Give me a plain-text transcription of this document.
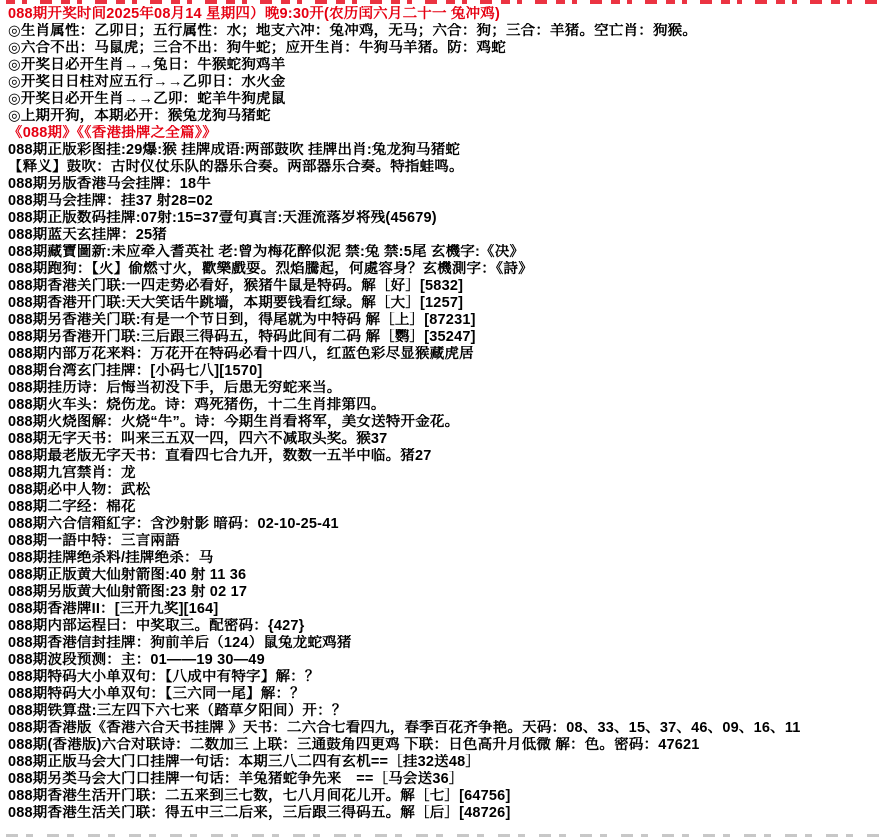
088期开奖时间2025年08月14 星期四）晚9:30开(农历闰六月二十一 兔冲鸡)
◎生肖属性：乙卯日；五行属性：水；地支六冲：兔冲鸡，无马；六合：狗；三合：羊猪。空亡肖：狗猴。
◎六合不出：马鼠虎；三合不出：狗牛蛇；应开生肖：牛狗马羊猪。防：鸡蛇
◎开奖日必开生肖→→兔日：牛猴蛇狗鸡羊
◎开奖日日柱对应五行→→乙卯日：水火金
◎开奖日必开生肖→→乙卯：蛇羊牛狗虎鼠
◎上期开狗，本期必开：猴兔龙狗马猪蛇
《088期》《《香港掛牌之全篇》》
088期正版彩图挂:29爆:猴 挂牌成语:两部鼓吹 挂牌出肖:兔龙狗马猪蛇
【释义】鼓吹：古时仪仗乐队的器乐合奏。两部器乐合奏。特指蛙鸣。
088期另版香港马会挂牌：18牛
088期马会挂牌：挂37 射28=02
088期正版数码挂牌:07射:15=37壹句真言:天涯流落岁将残(45679)
088期蓝天玄挂牌：25猪
088期藏寶圖新:未应牵入耆英社 老:曾为梅花醉似泥 禁:兔 禁:5尾 玄機字:《决》
088期跑狗：【火】偷燃寸火，歡樂戲耍。烈焰騰起，何處容身？玄機測字：《詩》
088期香港关门联:一四走势必看好，猴猪牛鼠是特码。解［好］[5832]
088期香港开门联:天大笑话牛跳墙，本期要钱看红绿。解［大］[1257]
088期另香港关门联:有是一个节日到，得尾就为中特码 解［上］[87231]
088期另香港开门联:三后跟三得码五，特码此间有二码 解［鹦］[35247]
088期内部万花来料：万花开在特码必看十四八，红蓝色彩尽显猴藏虎居
088期台湾玄门挂牌：[小码七八][1570]
088期挂历诗：后悔当初没下手，后患无穷蛇来当。
088期火车头：烧伤龙。诗：鸡死猪伤，十二生肖排第四。
088期火烧图解：火烧“牛”。诗：今期生肖看将军，美女送特开金花。
088期无字天书：叫来三五双一四，四六不减取头奖。猴37
088期最老版无字天书：直看四七合九开，数数一五半中临。猪27
088期九宫禁肖：龙
088期必中人物：武松
088期二字经：棉花
088期六合信箱紅字：含沙射影 暗码：02-10-25-41
088期一語中特：三言兩語
088期挂牌绝杀料/挂牌绝杀：马
088期正版黄大仙射箭图:40 射 11 36
088期另版黄大仙射箭图:23 射 02 17
088期香港牌II：[三开九奖][164]
088期内部运程曰：中奖取三。配密码：{427}
088期香港信封挂牌：狗前羊后（124）鼠兔龙蛇鸡猪
088期波段预测：主：01——19 30—49
088期特码大小单双句：【八成中有特字】解：？
088期特码大小单双句：【三六同一尾】解：？
088期铁算盘:三左四下六七来（踏草夕阳间）开：？
088期香港版《香港六合天书挂牌 》天书：二六合七看四九，春季百花齐争艳。天码：08、33、15、37、46、09、16、11
088期(香港版)六合对联诗：二数加三 上联：三通鼓角四更鸡 下联：日色高升月低微 解：色。密码：47621
088期正版马会大门口挂牌一句话：本期三八二四有玄机==［挂32送48］
088期另类马会大门口挂牌一句话：羊兔猪蛇争先来　==［马会送36］
088期香港生活开门联：二五来到三七数，七八月间花儿开。解［七］[64756]
088期香港生活关门联：得五中三二后来，三后跟三得码五。解［后］[48726]
